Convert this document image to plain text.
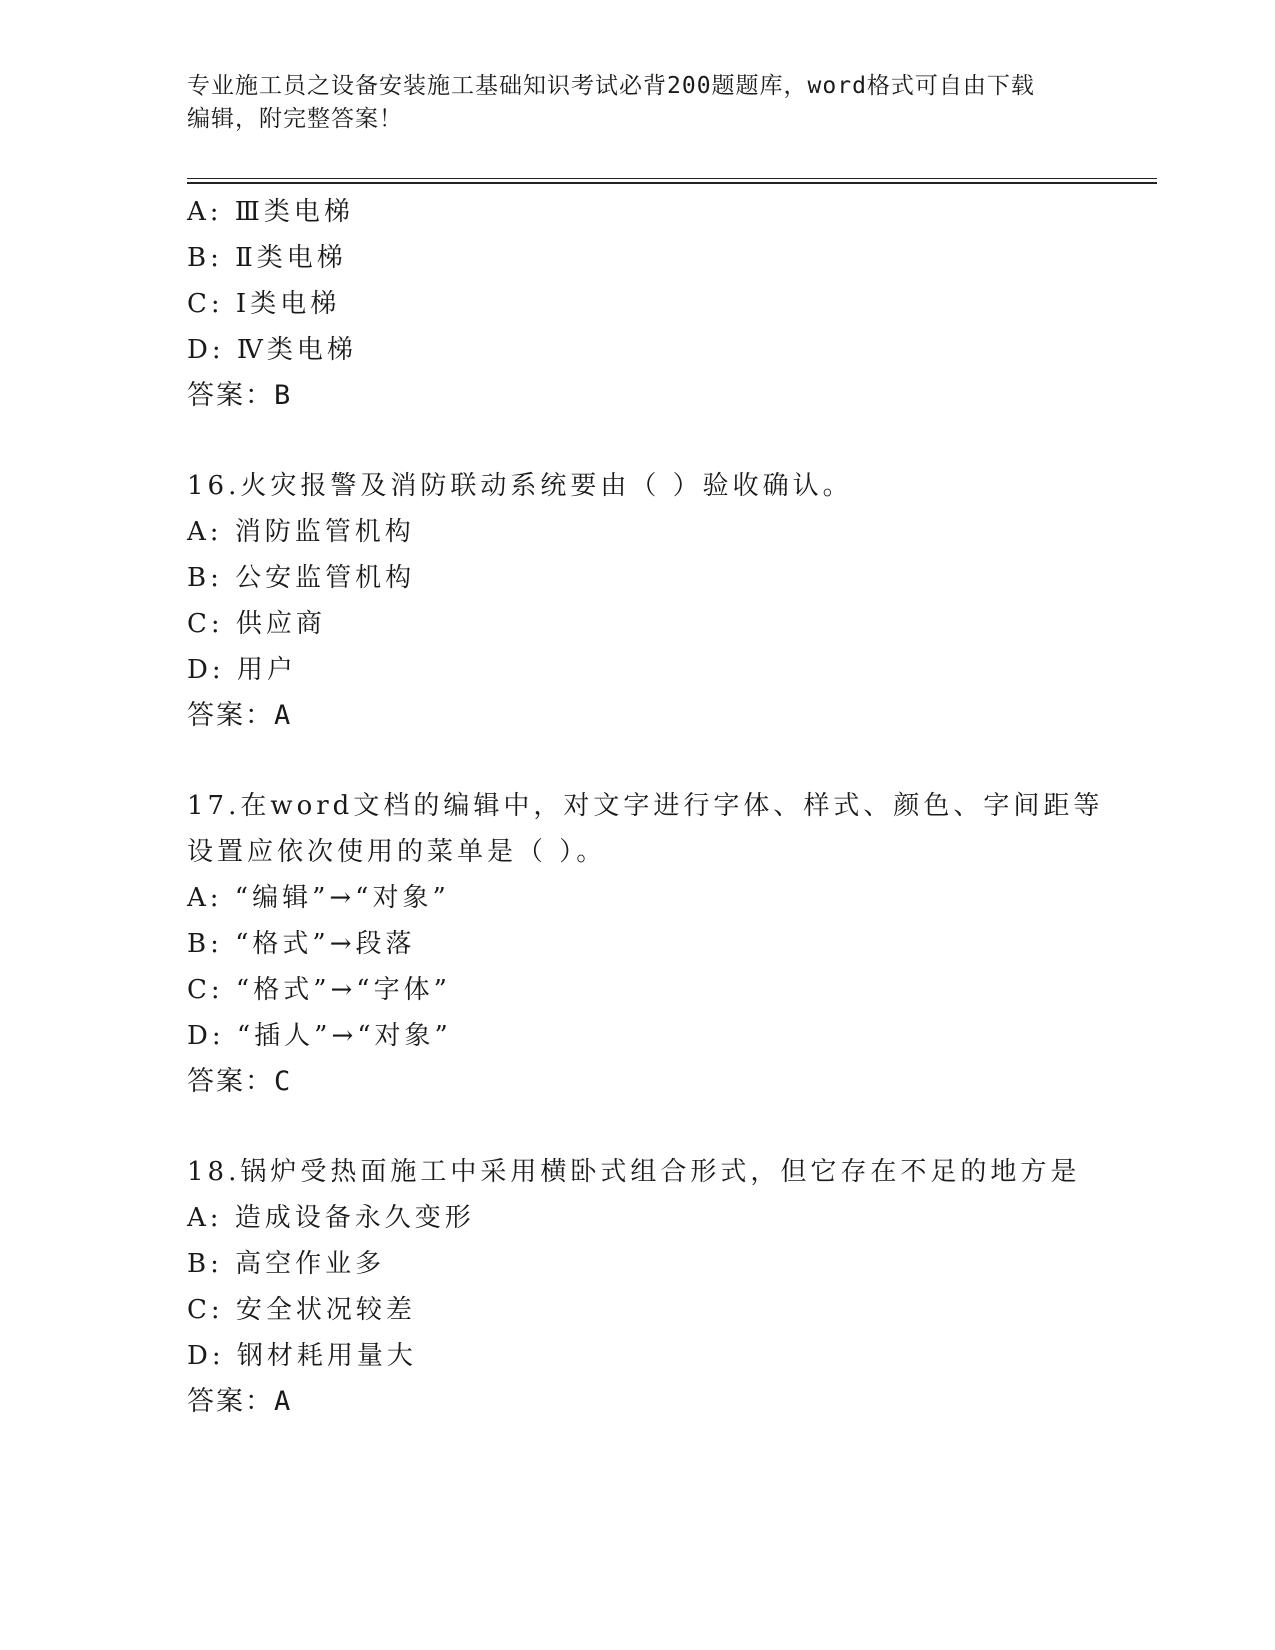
专业施工员之设备安装施工基础知识考试必背200题题库，word格式可自由下载
编辑，附完整答案！
A: Ⅲ类电梯
B: Ⅱ类电梯
C: Ⅰ类电梯
D: Ⅳ类电梯
答案：B
16.火灾报警及消防联动系统要由（ ）验收确认。
A: 消防监管机构
B: 公安监管机构
C: 供应商
D: 用户
答案：A
17.在word文档的编辑中，对文字进行字体、样式、颜色、字间距等
设置应依次使用的菜单是（ ）。
A: “编辑”→“对象”
B: “格式”→段落
C: “格式”→“字体”
D: “插人”→“对象”
答案：C
18.锅炉受热面施工中采用横卧式组合形式，但它存在不足的地方是
A: 造成设备永久变形
B: 高空作业多
C: 安全状况较差
D: 钢材耗用量大
答案：A
